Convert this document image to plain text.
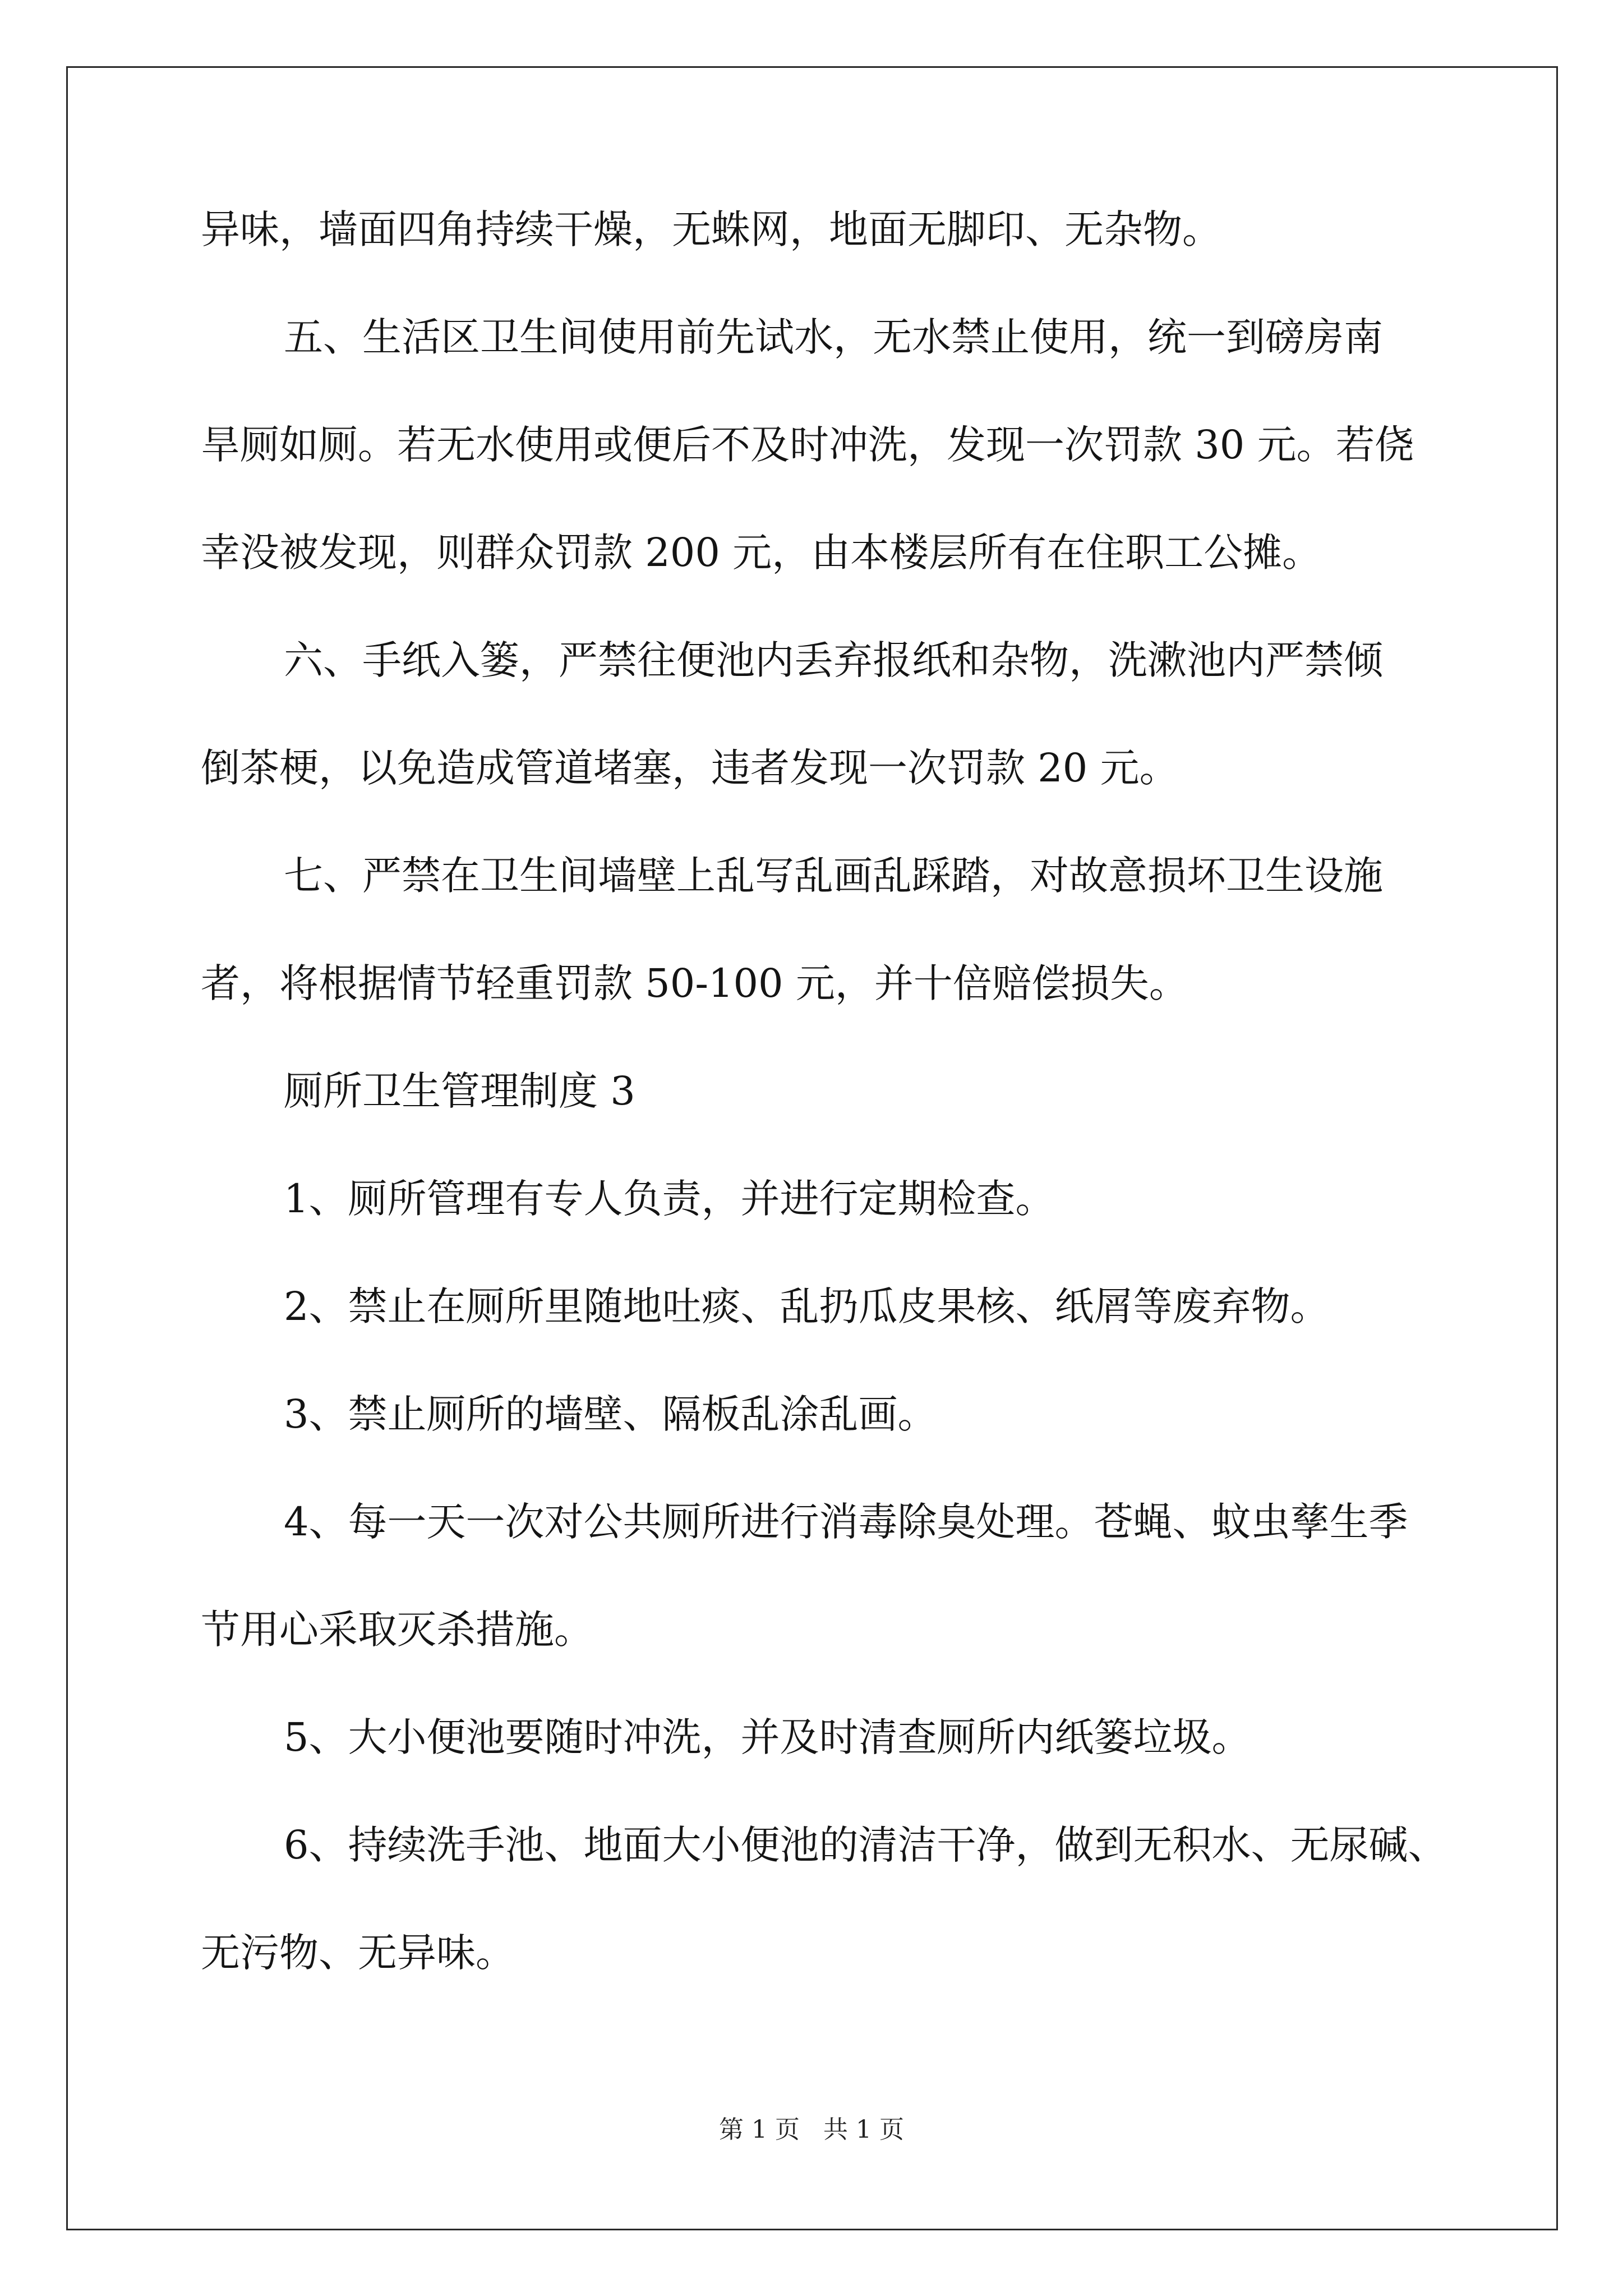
异味，墙面四角持续干燥，无蛛网，地面无脚印、无杂物。
五、生活区卫生间使用前先试水，无水禁止使用，统一到磅房南
旱厕如厕。若无水使用或便后不及时冲洗，发现一次罚款 30 元。若侥
幸没被发现，则群众罚款 200 元，由本楼层所有在住职工公摊。
六、手纸入篓，严禁往便池内丢弃报纸和杂物，洗漱池内严禁倾
倒茶梗，以免造成管道堵塞，违者发现一次罚款 20 元。
七、严禁在卫生间墙壁上乱写乱画乱踩踏，对故意损坏卫生设施
者，将根据情节轻重罚款 50-100 元，并十倍赔偿损失。
厕所卫生管理制度 3
1、厕所管理有专人负责，并进行定期检查。
2、禁止在厕所里随地吐痰、乱扔瓜皮果核、纸屑等废弃物。
3、禁止厕所的墙壁、隔板乱涂乱画。
4、每一天一次对公共厕所进行消毒除臭处理。苍蝇、蚊虫孳生季
节用心采取灭杀措施。
5、大小便池要随时冲洗，并及时清查厕所内纸篓垃圾。
6、持续洗手池、地面大小便池的清洁干净，做到无积水、无尿碱、
无污物、无异味。
第 1 页   共 1 页
